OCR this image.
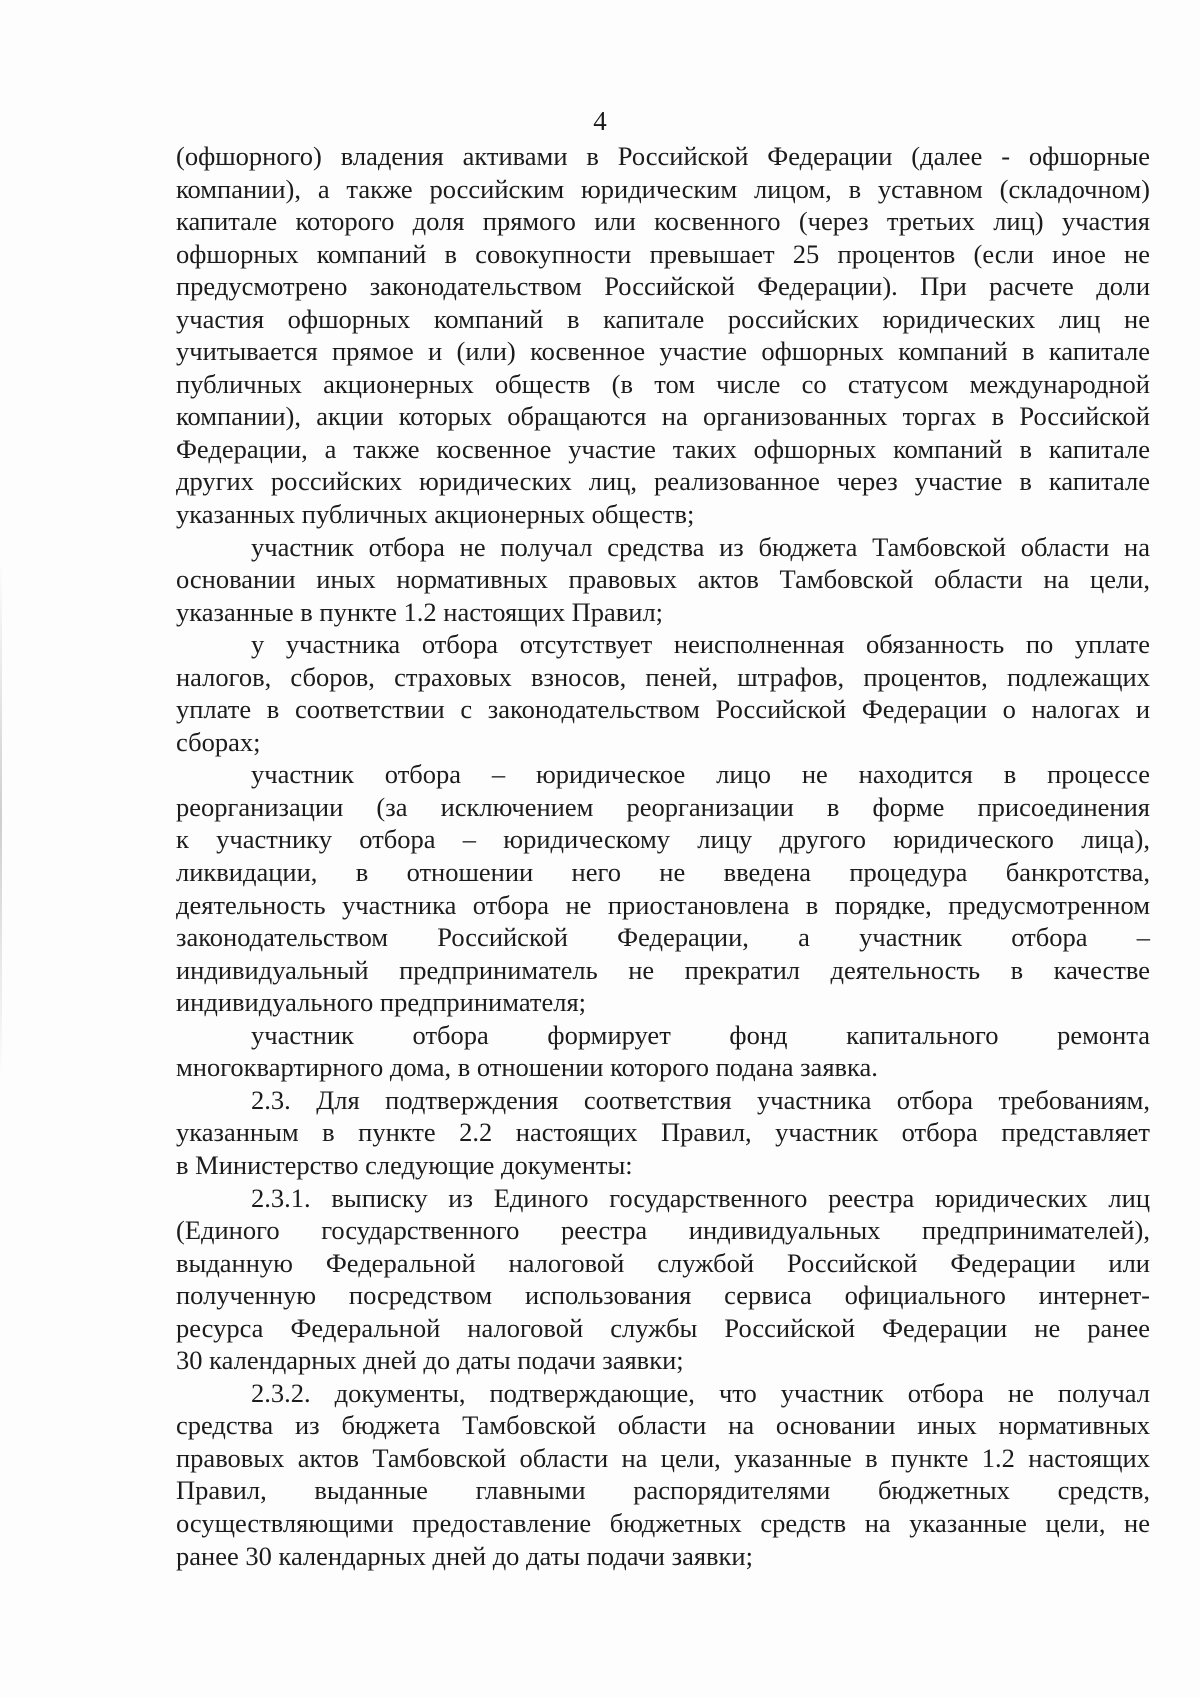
4
(офшорного) владения активами в Российской Федерации (далее - офшорные
компании), а также российским юридическим лицом, в уставном (складочном)
капитале которого доля прямого или косвенного (через третьих лиц) участия
офшорных компаний в совокупности превышает 25 процентов (если иное не
предусмотрено законодательством Российской Федерации). При расчете доли
участия офшорных компаний в капитале российских юридических лиц не
учитывается прямое и (или) косвенное участие офшорных компаний в капитале
публичных акционерных обществ (в том числе со статусом международной
компании), акции которых обращаются на организованных торгах в Российской
Федерации, а также косвенное участие таких офшорных компаний в капитале
других российских юридических лиц, реализованное через участие в капитале
указанных публичных акционерных обществ;
участник отбора не получал средства из бюджета Тамбовской области на
основании иных нормативных правовых актов Тамбовской области на цели,
указанные в пункте 1.2 настоящих Правил;
у участника отбора отсутствует неисполненная обязанность по уплате
налогов, сборов, страховых взносов, пеней, штрафов, процентов, подлежащих
уплате в соответствии с законодательством Российской Федерации о налогах и
сборах;
участник отбора – юридическое лицо не находится в процессе
реорганизации (за исключением реорганизации в форме присоединения
к участнику отбора – юридическому лицу другого юридического лица),
ликвидации, в отношении него не введена процедура банкротства,
деятельность участника отбора не приостановлена в порядке, предусмотренном
законодательством Российской Федерации, а участник отбора –
индивидуальный предприниматель не прекратил деятельность в качестве
индивидуального предпринимателя;
участник отбора формирует фонд капитального ремонта
многоквартирного дома, в отношении которого подана заявка.
2.3. Для подтверждения соответствия участника отбора требованиям,
указанным в пункте 2.2 настоящих Правил, участник отбора представляет
в Министерство следующие документы:
2.3.1. выписку из Единого государственного реестра юридических лиц
(Единого государственного реестра индивидуальных предпринимателей),
выданную Федеральной налоговой службой Российской Федерации или
полученную посредством использования сервиса официального интернет-
ресурса Федеральной налоговой службы Российской Федерации не ранее
30 календарных дней до даты подачи заявки;
2.3.2. документы, подтверждающие, что участник отбора не получал
средства из бюджета Тамбовской области на основании иных нормативных
правовых актов Тамбовской области на цели, указанные в пункте 1.2 настоящих
Правил, выданные главными распорядителями бюджетных средств,
осуществляющими предоставление бюджетных средств на указанные цели, не
ранее 30 календарных дней до даты подачи заявки;
